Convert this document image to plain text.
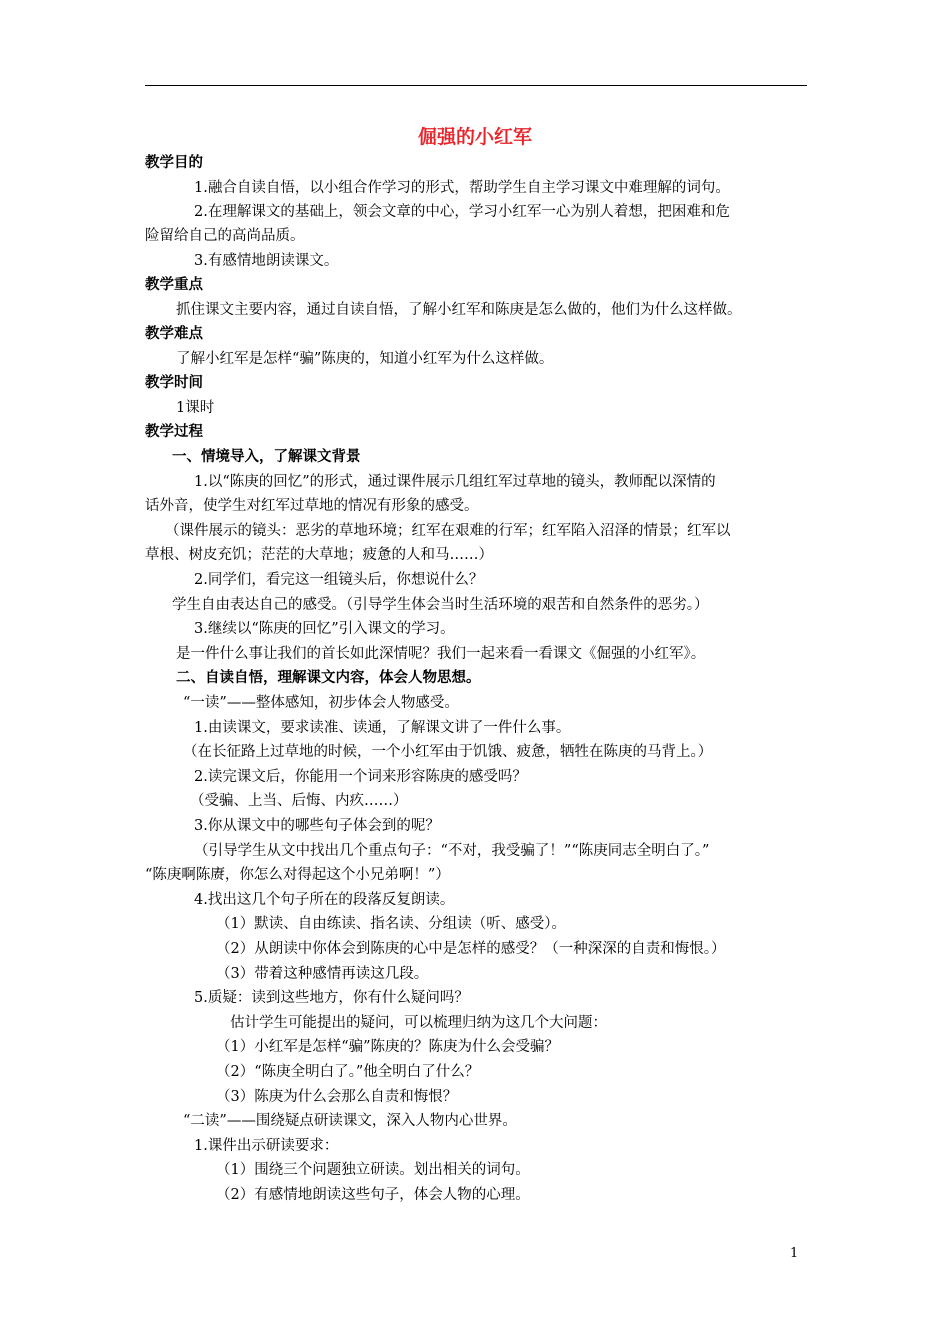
倔强的小红军
教学目的
1.融合自读自悟，以小组合作学习的形式，帮助学生自主学习课文中难理解的词句。
2.在理解课文的基础上，领会文章的中心，学习小红军一心为别人着想，把困难和危
险留给自己的高尚品质。
3.有感情地朗读课文。
教学重点
抓住课文主要内容，通过自读自悟，了解小红军和陈庚是怎么做的，他们为什么这样做。
教学难点
了解小红军是怎样“骗”陈庚的，知道小红军为什么这样做。
教学时间
1课时
教学过程
一、情境导入，了解课文背景
1.以“陈庚的回忆”的形式，通过课件展示几组红军过草地的镜头，教师配以深情的
话外音，使学生对红军过草地的情况有形象的感受。
（课件展示的镜头：恶劣的草地环境；红军在艰难的行军；红军陷入沼泽的情景；红军以
草根、树皮充饥；茫茫的大草地；疲惫的人和马……）
2.同学们，看完这一组镜头后，你想说什么？
学生自由表达自己的感受。（引导学生体会当时生活环境的艰苦和自然条件的恶劣。）
3.继续以“陈庚的回忆”引入课文的学习。
是一件什么事让我们的首长如此深情呢？我们一起来看一看课文《倔强的小红军》。
二、自读自悟，理解课文内容，体会人物思想。
“一读”——整体感知，初步体会人物感受。
1.由读课文，要求读准、读通，了解课文讲了一件什么事。
（在长征路上过草地的时候，一个小红军由于饥饿、疲惫，牺牲在陈庚的马背上。）
2.读完课文后，你能用一个词来形容陈庚的感受吗？
（受骗、上当、后悔、内疚……）
3.你从课文中的哪些句子体会到的呢？
（引导学生从文中找出几个重点句子：“不对，我受骗了！”“陈庚同志全明白了。”
“陈庚啊陈赓，你怎么对得起这个小兄弟啊！”）
4.找出这几个句子所在的段落反复朗读。
（1）默读、自由练读、指名读、分组读（听、感受）。
（2）从朗读中你体会到陈庚的心中是怎样的感受？（一种深深的自责和悔恨。）
（3）带着这种感情再读这几段。
5.质疑：读到这些地方，你有什么疑问吗？
估计学生可能提出的疑问，可以梳理归纳为这几个大问题：
（1）小红军是怎样“骗”陈庚的？陈庚为什么会受骗？
（2）“陈庚全明白了。”他全明白了什么？
（3）陈庚为什么会那么自责和悔恨？
“二读”——围绕疑点研读课文，深入人物内心世界。
1.课件出示研读要求：
（1）围绕三个问题独立研读。划出相关的词句。
（2）有感情地朗读这些句子，体会人物的心理。
1
